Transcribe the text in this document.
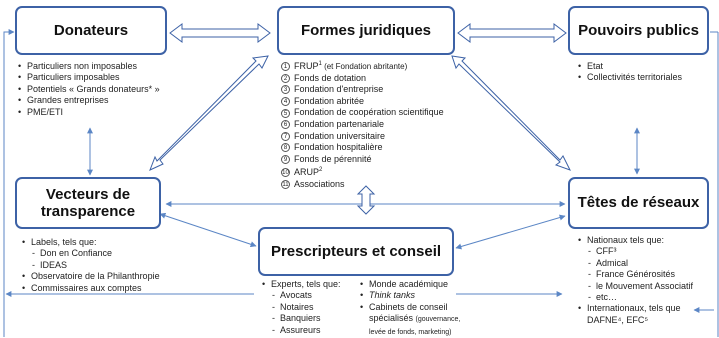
Donateurs	Formes juridiques	Pouvoirs publics
Vecteurs de transparence
Têtes de réseaux
Prescripteurs et conseil
• Particuliers non imposables
• Particuliers imposables
• Potentiels « Grands donateurs* »
• Grandes entreprises
• PME/ETI
1 FRUP$^1$ (et Fondation abritante)
2 Fonds de dotation
3 Fondation d'entreprise
4 Fondation abritée
5 Fondation de coopération scientifique
6 Fondation partenariale
7 Fondation universitaire
8 Fondation hospitalière
9 Fonds de pérennité
10 ARUP$^2$
11 Associations
• Etat
• Collectivités territoriales
• Labels, tels que:
- Don en Confiance
- IDEAS
• Observatoire de la Philanthropie
• Commissaires aux comptes
• Nationaux tels que:
- CFF³
- Admical
- France Générosités
- le Mouvement Associatif
- etc…
• Internationaux, tels que
DAFNE⁴, EFC⁵
• Experts, tels que:
- Avocats
- Notaires
- Banquiers
- Assureurs
• Monde académique
• Think tanks
• Cabinets de conseil
spécialisés (gouvernance,
levée de fonds, marketing)
